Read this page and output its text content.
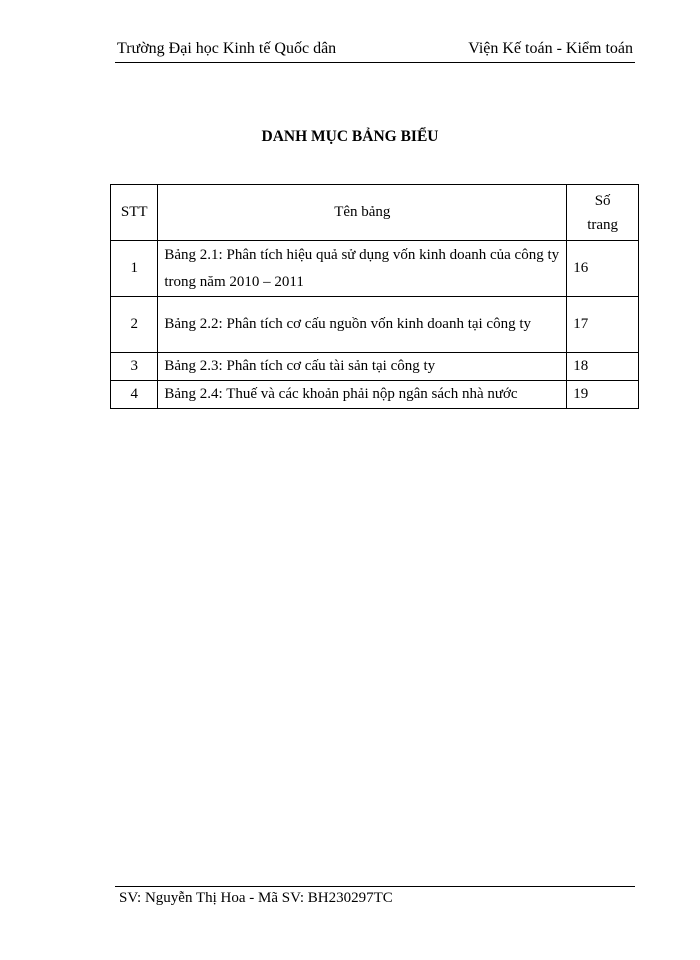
Trường Đại học Kinh tế Quốc dân	Viện Kế toán - Kiểm toán
DANH MỤC BẢNG BIỂU
STT	Tên bảng	Số
trang

1	Bảng 2.1: Phân tích hiệu quả sử dụng vốn kinh doanh của công ty trong năm 2010 – 2011	16
2	Bảng 2.2: Phân tích cơ cấu nguồn vốn kinh doanh tại công ty	17
3	Bảng 2.3: Phân tích cơ cấu tài sản tại công ty	18
4	Bảng 2.4: Thuế và các khoản phải nộp ngân sách nhà nước	19
SV: Nguyễn Thị Hoa - Mã SV: BH230297TC
